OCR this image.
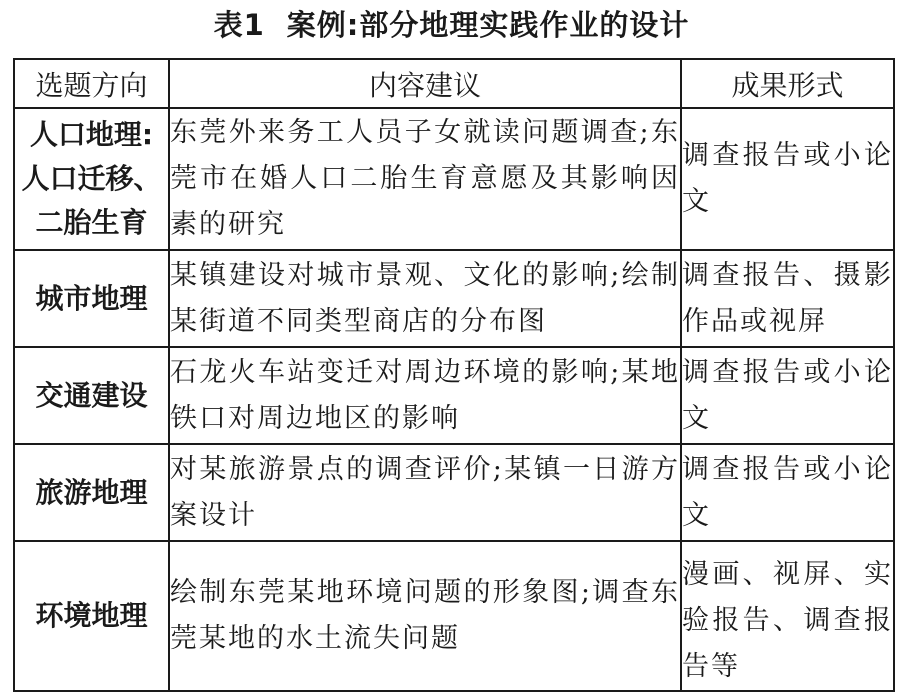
表1 案例:部分地理实践作业的设计
选题方向	内容建议	成果形式

人口地理:
人口迁移、
二胎生育	东莞外来务工人员子女就读问题调查;东莞市在婚人口二胎生育意愿及其影响因素的研究	调查报告或小论文

城市地理	某镇建设对城市景观、文化的影响;绘制某街道不同类型商店的分布图	调查报告、摄影作品或视屏

交通建设	石龙火车站变迁对周边环境的影响;某地铁口对周边地区的影响	调查报告或小论文

旅游地理	对某旅游景点的调查评价;某镇一日游方案设计	调查报告或小论文

环境地理	绘制东莞某地环境问题的形象图;调查东莞某地的水土流失问题	漫画、视屏、实验报告、调查报告等
